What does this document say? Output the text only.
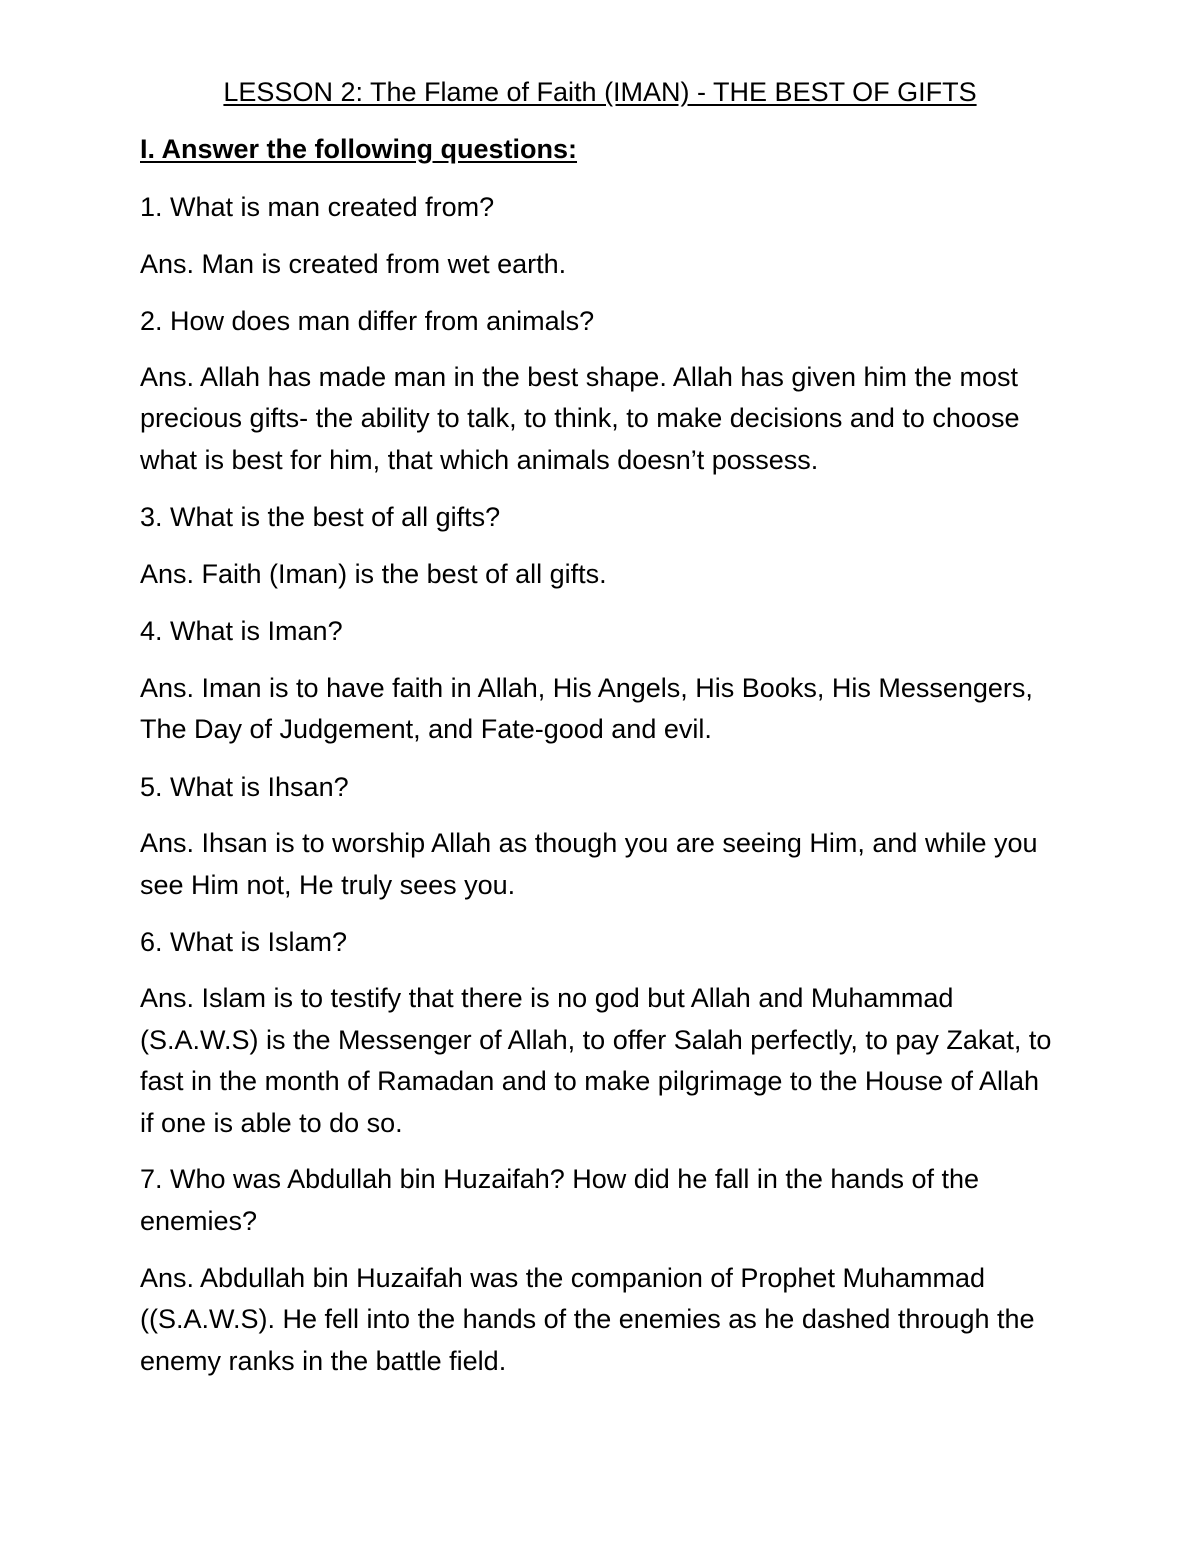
LESSON 2: The Flame of Faith (IMAN) - THE BEST OF GIFTS
I. Answer the following questions:
1. What is man created from?
Ans. Man is created from wet earth.
2. How does man differ from animals?
Ans. Allah has made man in the best shape. Allah has given him the most
precious gifts- the ability to talk, to think, to make decisions and to choose
what is best for him, that which animals doesn’t possess.
3. What is the best of all gifts?
Ans. Faith (Iman) is the best of all gifts.
4. What is Iman?
Ans. Iman is to have faith in Allah, His Angels, His Books, His Messengers,
The Day of Judgement, and Fate-good and evil.
5. What is Ihsan?
Ans. Ihsan is to worship Allah as though you are seeing Him, and while you
see Him not, He truly sees you.
6. What is Islam?
Ans. Islam is to testify that there is no god but Allah and Muhammad
(S.A.W.S) is the Messenger of Allah, to offer Salah perfectly, to pay Zakat, to
fast in the month of Ramadan and to make pilgrimage to the House of Allah
if one is able to do so.
7. Who was Abdullah bin Huzaifah? How did he fall in the hands of the
enemies?
Ans. Abdullah bin Huzaifah was the companion of Prophet Muhammad
((S.A.W.S). He fell into the hands of the enemies as he dashed through the
enemy ranks in the battle field.
